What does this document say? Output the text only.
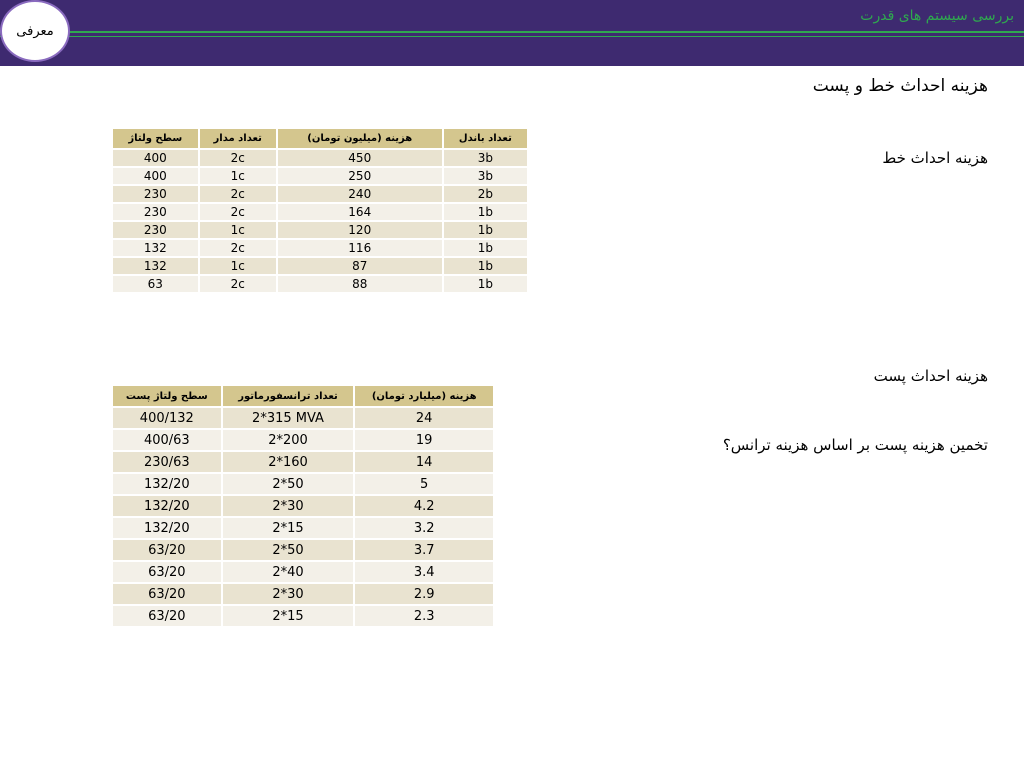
بررسی سیستم های قدرت
معرفی
هزینه احداث خط و پست
هزینه احداث خط
هزینه احداث پست
تخمین هزینه پست بر اساس هزینه ترانس؟
سطح ولتاژ	تعداد مدار	هزینه (میلیون تومان)	تعداد باندل
400	2c	450	3b
400	1c	250	3b
230	2c	240	2b
230	2c	164	1b
230	1c	120	1b
132	2c	116	1b
132	1c	87	1b
63	2c	88	1b
سطح ولتاژ پست	تعداد ترانسفورماتور	هزینه (میلیارد تومان)
400/132	2*315 MVA	24
400/63	2*200	19
230/63	2*160	14
132/20	2*50	5
132/20	2*30	4.2
132/20	2*15	3.2
63/20	2*50	3.7
63/20	2*40	3.4
63/20	2*30	2.9
63/20	2*15	2.3
